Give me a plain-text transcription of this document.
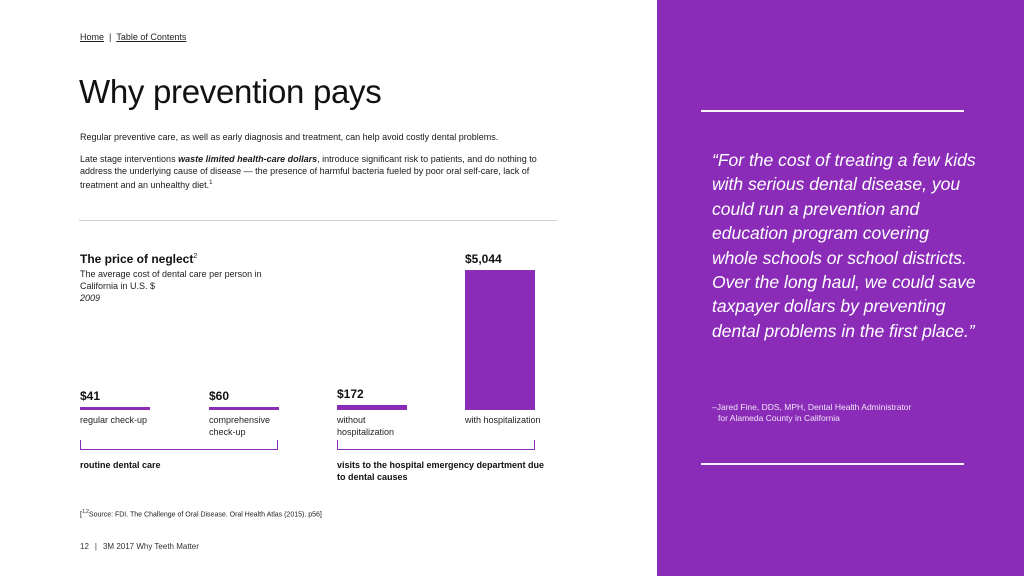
Home | Table of Contents
Why prevention pays

Regular preventive care, as well as early diagnosis and treatment, can help avoid costly dental problems.

Late stage interventions waste limited health-care dollars, introduce significant risk to patients, and do nothing to address the underlying cause of disease — the presence of harmful bacteria fueled by poor oral self-care, lack of treatment and an unhealthy diet.$^1$

The price of neglect$^2$
The average cost of dental care per person in California in U.S. $
2009
$41
regular check-up
$60
comprehensive check-up
$172
without hospitalization
$5,044
with hospitalization
routine dental care	visits to the hospital emergency department due to dental causes
[$^{1,2}$Source: FDI. The Challenge of Oral Disease. Oral Health Atlas (2015). p56]
12 | 3M 2017 Why Teeth Matter
“For the cost of treating a few kids with serious dental disease, you could run a prevention and education program covering whole schools or school districts. Over the long haul, we could save taxpayer dollars by preventing dental problems in the first place.”
–Jared Fine, DDS, MPH, Dental Health Administrator
for Alameda County in California
